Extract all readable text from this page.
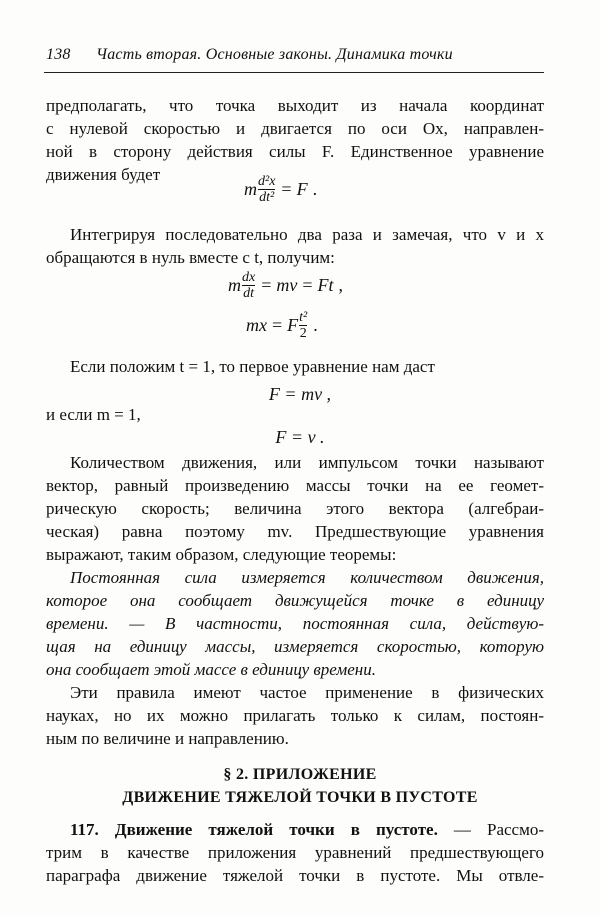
138 Часть вторая. Основные законы. Динамика точки
предполагать, что точка выходит из начала координат
с нулевой скоростью и двигается по оси Ox, направлен-
ной в сторону действия силы F. Единственное уравнение
движения будет
m $\frac{\text{d²x}}{\text{dt²}} = F$ .
Интегрируя последовательно два раза и замечая, что v и x
обращаются в нуль вместе с t, получим:
m $\frac{dx}{dt}$ = mv = Ft ,
mx = F $\frac{\text{t²}}{2}$ .
Если положим t = 1, то первое уравнение нам даст
F = mv ,
и если m = 1,
F = v .
Количеством движения, или импульсом точки называют
вектор, равный произведению массы точки на ее геомет-
рическую скорость; величина этого вектора (алгебраи-
ческая) равна поэтому mv. Предшествующие уравнения
выражают, таким образом, следующие теоремы:
Постоянная сила измеряется количеством движения,
которое она сообщает движущейся точке в единицу
времени. — В частности, постоянная сила, действую-
щая на единицу массы, измеряется скоростью, которую
она сообщает этой массе в единицу времени.
Эти правила имеют частое применение в физических
науках, но их можно прилагать только к силам, постоян-
ным по величине и направлению.
§ 2. ПРИЛОЖЕНИЕ
ДВИЖЕНИЕ ТЯЖЕЛОЙ ТОЧКИ В ПУСТОТЕ
117. Движение тяжелой точки в пустоте. — Рассмо-
трим в качестве приложения уравнений предшествующего
параграфа движение тяжелой точки в пустоте. Мы отвле-
